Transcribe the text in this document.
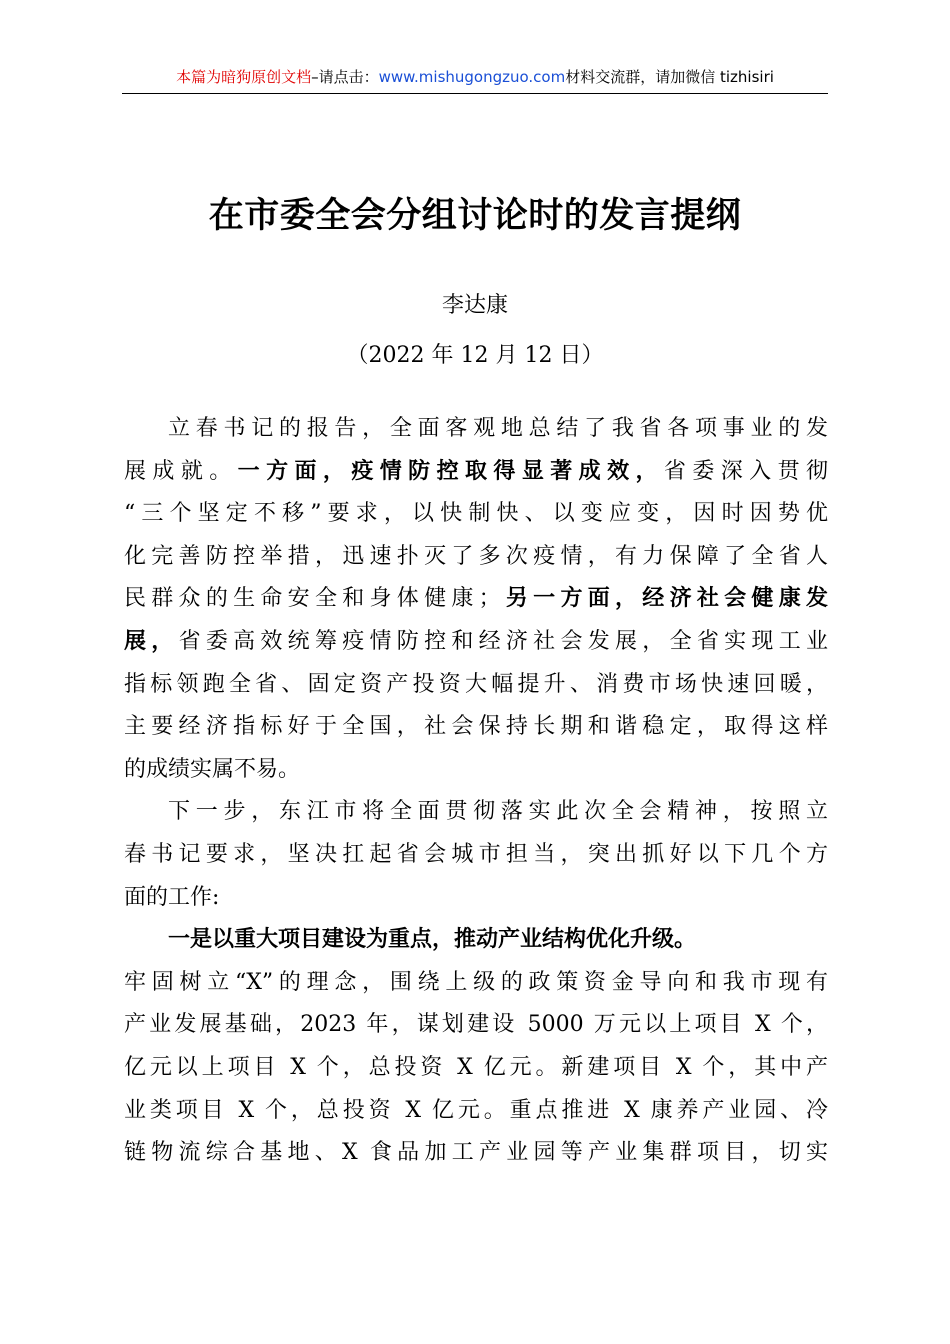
本篇为暗狗原创文档–请点击：www.mishugongzuo.com材料交流群，请加微信 tizhisiri
在市委全会分组讨论时的发言提纲
李达康
（2022 年 12 月 12 日）

立春书记的报告，全面客观地总结了我省各项事业的发
展成就。一方面，疫情防控取得显著成效，省委深入贯彻
“三个坚定不移”要求，以快制快、以变应变，因时因势优
化完善防控举措，迅速扑灭了多次疫情，有力保障了全省人
民群众的生命安全和身体健康；另一方面，经济社会健康发
展，省委高效统筹疫情防控和经济社会发展，全省实现工业
指标领跑全省、固定资产投资大幅提升、消费市场快速回暖，
主要经济指标好于全国，社会保持长期和谐稳定，取得这样
的成绩实属不易。

下一步，东江市将全面贯彻落实此次全会精神，按照立
春书记要求，坚决扛起省会城市担当，突出抓好以下几个方
面的工作:

一是以重大项目建设为重点，推动产业结构优化升级。
牢固树立“X”的理念，围绕上级的政策资金导向和我市现有
产业发展基础，2023 年，谋划建设 5000 万元以上项目 X 个，
亿元以上项目 X 个，总投资 X 亿元。新建项目 X 个，其中产
业类项目 X 个，总投资 X 亿元。重点推进 X 康养产业园、冷
链物流综合基地、X 食品加工产业园等产业集群项目，切实
